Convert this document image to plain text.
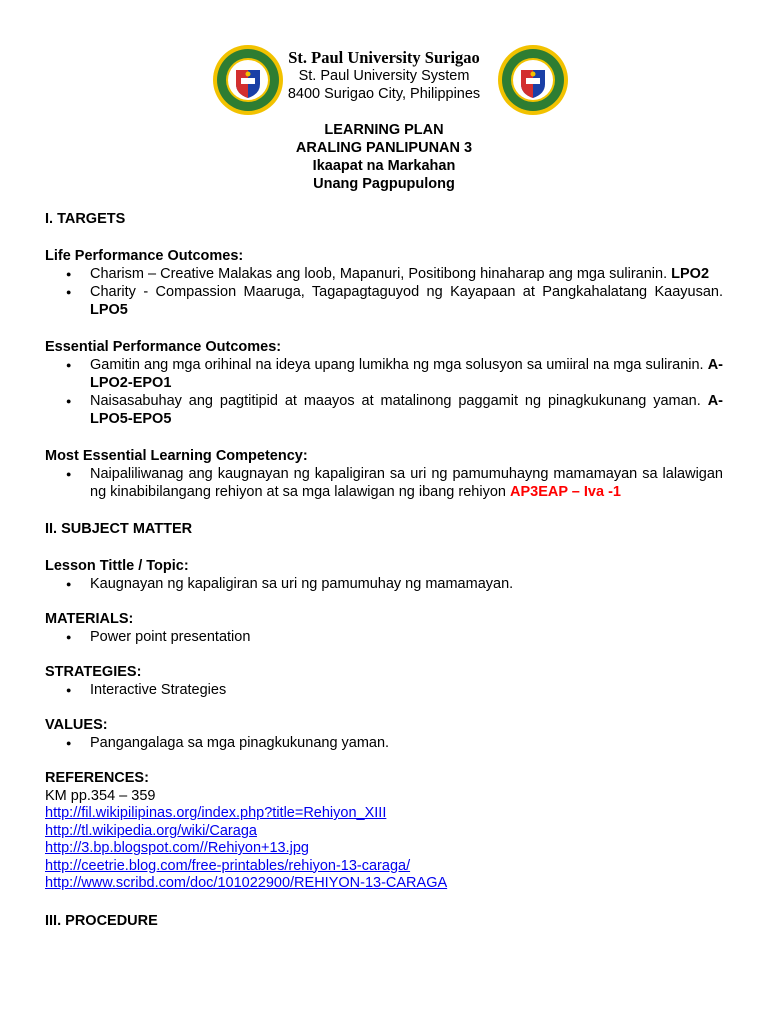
St. Paul University Surigao
St. Paul University System
8400 Surigao City, Philippines
LEARNING PLAN
ARALING PANLIPUNAN 3
Ikaapat na Markahan
Unang Pagpupulong

I. TARGETS

Life Performance Outcomes:

● Charism – Creative Malakas ang loob, Mapanuri, Positibong hinaharap ang mga suliranin. LPO2
● Charity - Compassion Maaruga, Tagapagtaguyod ng Kayapaan at Pangkahalatang Kaayusan. LPO5

Essential Performance Outcomes:

● Gamitin ang mga orihinal na ideya upang lumikha ng mga solusyon sa umiiral na mga suliranin. A-LPO2-EPO1
● Naisasabuhay ang pagtitipid at maayos at matalinong paggamit ng pinagkukunang yaman. A-LPO5-EPO5

Most Essential Learning Competency:

● Naipaliliwanag ang kaugnayan ng kapaligiran sa uri ng pamumuhayng mamamayan sa lalawigan ng kinabibilangang rehiyon at sa mga lalawigan ng ibang rehiyon AP3EAP – Iva -1

II. SUBJECT MATTER

Lesson Tittle / Topic:

● Kaugnayan ng kapaligiran sa uri ng pamumuhay ng mamamayan.

MATERIALS:

● Power point presentation

STRATEGIES:

● Interactive Strategies

VALUES:

● Pangangalaga sa mga pinagkukunang yaman.

REFERENCES:

KM pp.354 – 359
http://fil.wikipilipinas.org/index.php?title=Rehiyon_XIII
http://tl.wikipedia.org/wiki/Caraga
http://3.bp.blogspot.com//Rehiyon+13.jpg
http://ceetrie.blog.com/free-printables/rehiyon-13-caraga/
http://www.scribd.com/doc/101022900/REHIYON-13-CARAGA

III. PROCEDURE
